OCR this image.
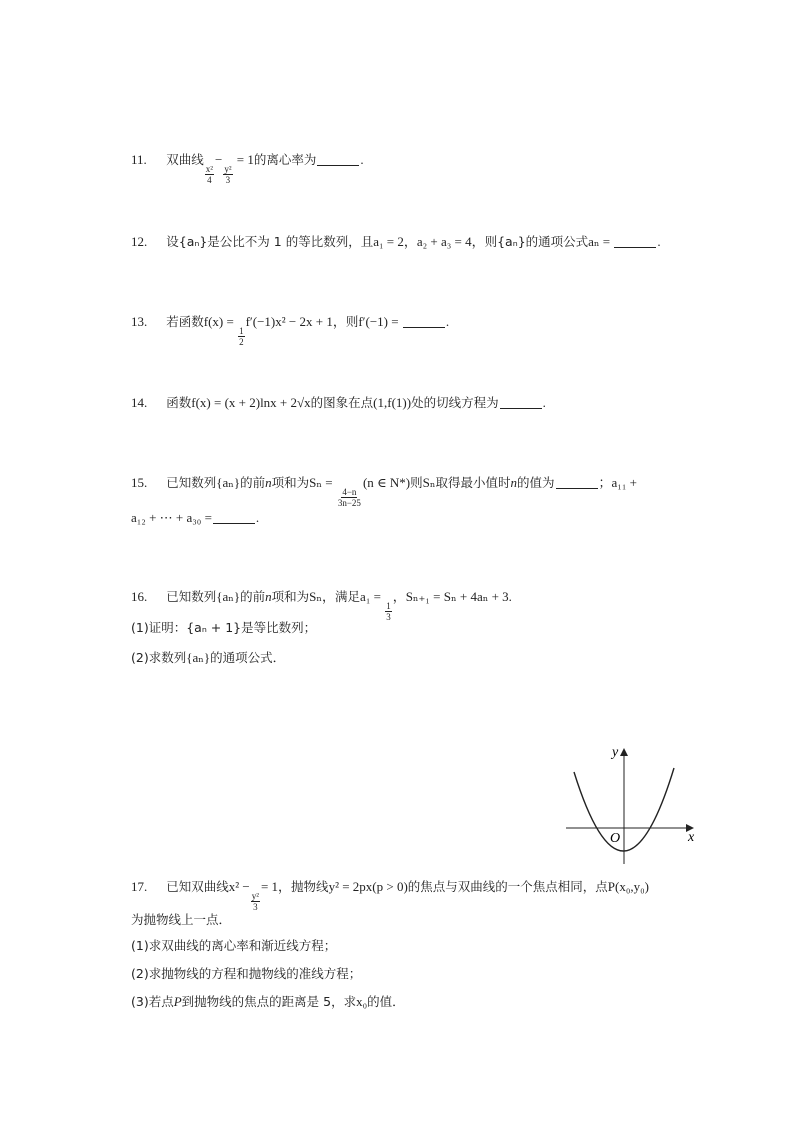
11. 双曲线
$\frac{\text{x²}}{4}$
−
$\frac{\text{y²}}{3}$
= 1的离心率为	.
12. 设{aₙ}是公比不为 1 的等比数列，且a₁ = 2，a₂ + a₃ = 4，则{aₙ}的通项公式aₙ =	.
13. 若函数f(x) =
$\frac{1}{2}$
f′(−1)x² − 2x + 1，则f′(−1) =	.
14. 函数f(x) = (x + 2)lnx + 2√x的图象在点(1,f(1))处的切线方程为	.
15. 已知数列{aₙ}的前n项和为Sₙ =
$\frac{4-n}{3n-25}$
(n ∈ N*)则Sₙ取得最小值时n的值为	；a₁₁ +
a₁₂ + ⋯ + a₃₀ =	.
16. 已知数列{aₙ}的前n项和为Sₙ，满足a₁ =
$\frac{1}{3}$
，Sₙ₊₁ = Sₙ + 4aₙ + 3.
(1)证明：{aₙ + 1}是等比数列；
(2)求数列{aₙ}的通项公式．
y
x
O
17. 已知双曲线x² −
$\frac{\text{y²}}{3}$
= 1，抛物线y² = 2px(p > 0)的焦点与双曲线的一个焦点相同，点P(x₀,y₀)
为抛物线上一点．
(1)求双曲线的离心率和渐近线方程；
(2)求抛物线的方程和抛物线的准线方程；
(3)若点P到抛物线的焦点的距离是 5，求x₀的值．
